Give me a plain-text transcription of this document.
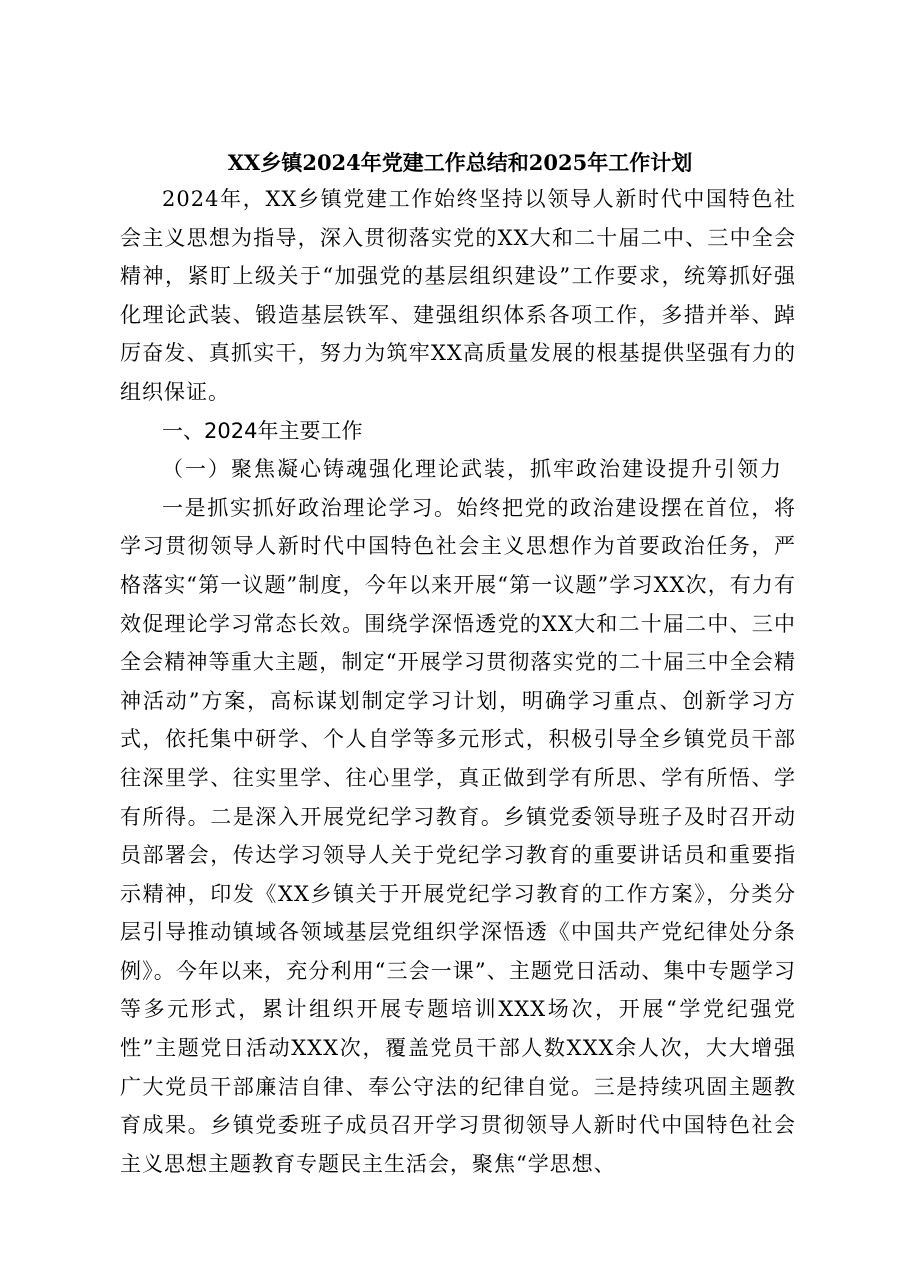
XX乡镇2024年党建工作总结和2025年工作计划

2024年，XX乡镇党建工作始终坚持以领导人新时代中国特色社会主义思想为指导，深入贯彻落实党的XX大和二十届二中、三中全会精神，紧盯上级关于“加强党的基层组织建设”工作要求，统筹抓好强化理论武装、锻造基层铁军、建强组织体系各项工作，多措并举、踔厉奋发、真抓实干，努力为筑牢XX高质量发展的根基提供坚强有力的组织保证。

一、2024年主要工作

（一）聚焦凝心铸魂强化理论武装，抓牢政治建设提升引领力

一是抓实抓好政治理论学习。始终把党的政治建设摆在首位，将学习贯彻领导人新时代中国特色社会主义思想作为首要政治任务，严格落实“第一议题”制度，今年以来开展“第一议题”学习XX次，有力有效促理论学习常态长效。围绕学深悟透党的XX大和二十届二中、三中全会精神等重大主题，制定“开展学习贯彻落实党的二十届三中全会精神活动”方案，高标谋划制定学习计划，明确学习重点、创新学习方式，依托集中研学、个人自学等多元形式，积极引导全乡镇党员干部往深里学、往实里学、往心里学，真正做到学有所思、学有所悟、学有所得。二是深入开展党纪学习教育。乡镇党委领导班子及时召开动员部署会，传达学习领导人关于党纪学习教育的重要讲话员和重要指示精神，印发《XX乡镇关于开展党纪学习教育的工作方案》，分类分层引导推动镇域各领域基层党组织学深悟透《中国共产党纪律处分条例》。今年以来，充分利用“三会一课”、主题党日活动、集中专题学习等多元形式，累计组织开展专题培训XXX场次，开展“学党纪强党性”主题党日活动XXX次，覆盖党员干部人数XXX余人次，大大增强广大党员干部廉洁自律、奉公守法的纪律自觉。三是持续巩固主题教育成果。乡镇党委班子成员召开学习贯彻领导人新时代中国特色社会主义思想主题教育专题民主生活会，聚焦“学思想、
